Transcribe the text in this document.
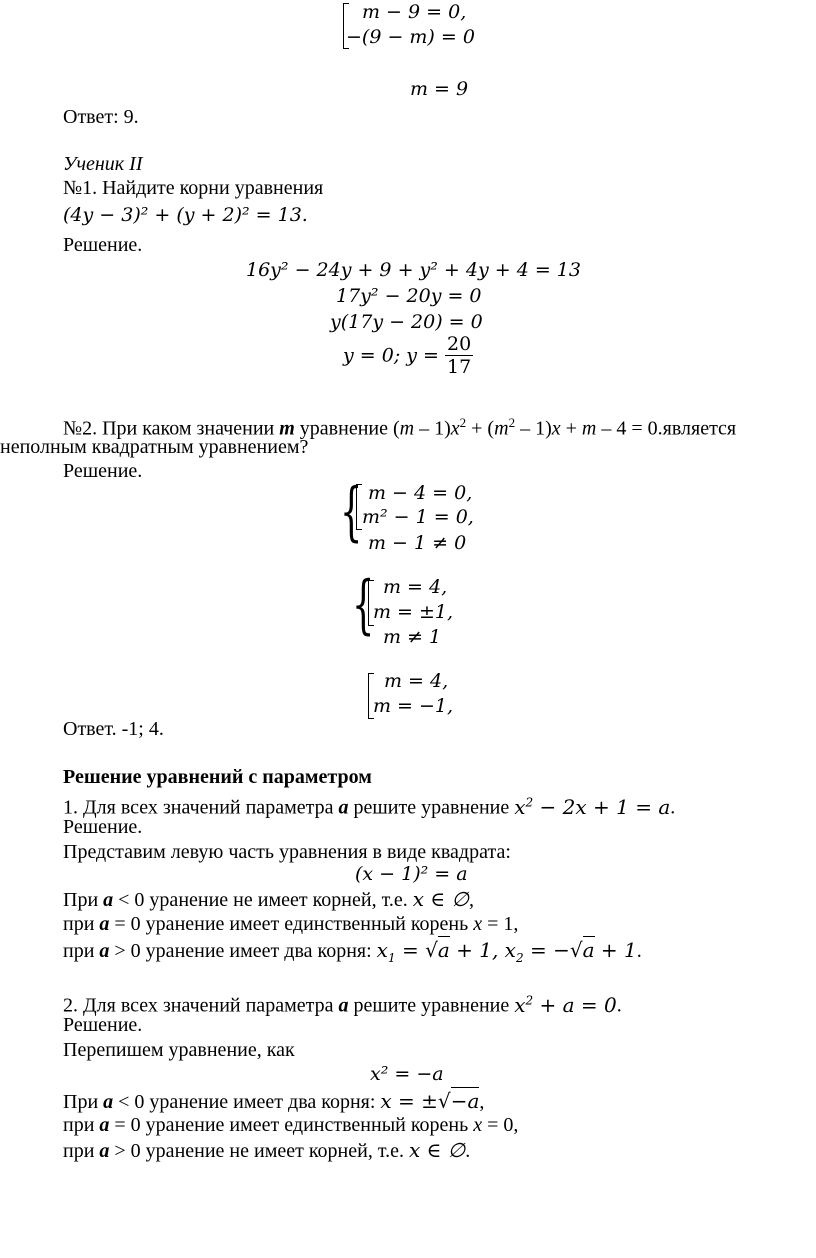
m − 9 = 0,
−(9 − m) = 0
m = 9
Ответ: 9.
Ученик II
№1. Найдите корни уравнения
(4y − 3)² + (y + 2)² = 13.
Решение.
16y² − 24y + 9 + y² + 4y + 4 = 13
17y² − 20y = 0
y(17y − 20) = 0
y = 0; $y = \frac{20}{17}$
№2. При каком значении m уравнение $(m - 1)x^2 + (m^2 - 1)x + m - 4$ = 0.является
неполным квадратным уравнением?
Решение.
{ m − 4 = 0,
m² − 1 = 0,
m − 1 ≠ 0
{ m = 4,
m = ±1,
m ≠ 1
m = 4,
m = −1,
Ответ. -1; 4.
Решение уравнений с параметром
1. Для всех значений параметра a решите уравнение $x^2 - 2x + 1 = a$.
Решение.
Представим левую часть уравнения в виде квадрата:
(x − 1)² = a
При a < 0 уранение не имеет корней, т.е. x ∈ ∅,
при a = 0 уранение имеет единственный корень x = 1,
при a > 0 уранение имеет два корня: $x_1 = √a + 1$, $x_2 = -√a + 1$.
2. Для всех значений параметра a решите уравнение $x^2 + a = 0$.
Решение.
Перепишем уравнение, как
x² = −a
При a < 0 уранение имеет два корня: x = ±√−a,
при a = 0 уранение имеет единственный корень x = 0,
при a > 0 уранение не имеет корней, т.е. x ∈ ∅.
